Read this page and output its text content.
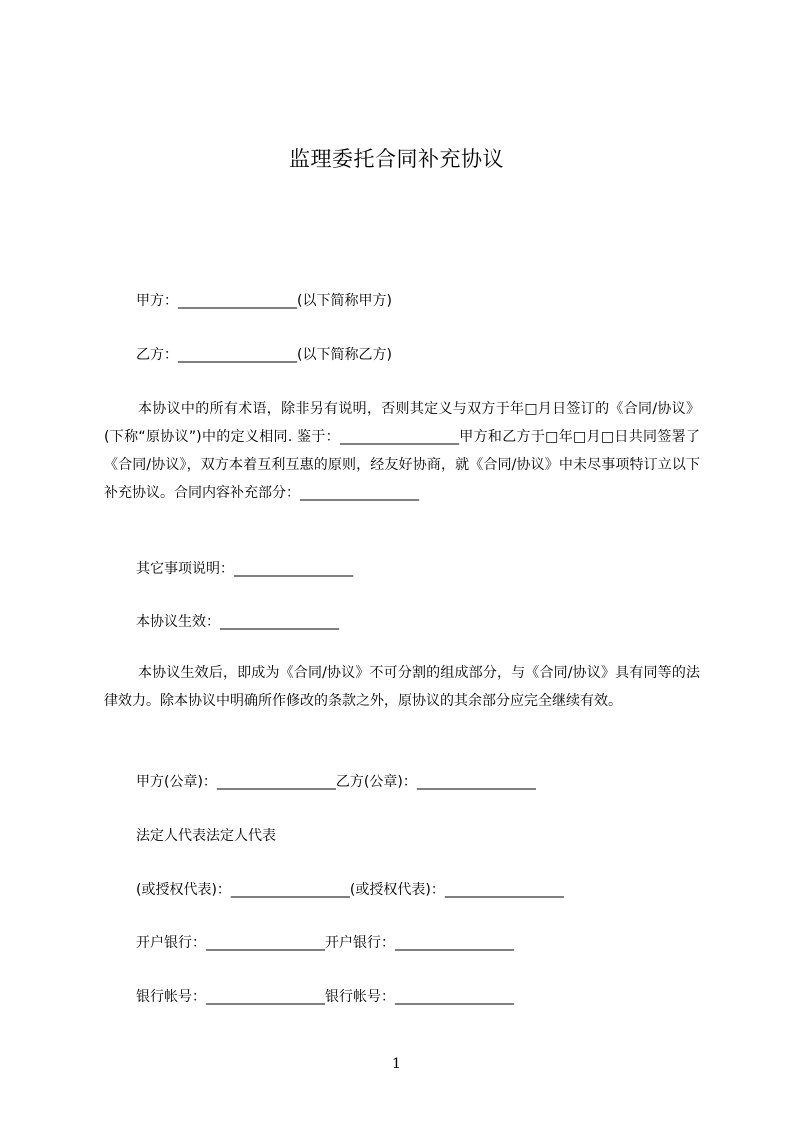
监理委托合同补充协议
甲方：_________________(以下简称甲方)
乙方：_________________(以下简称乙方)
本协议中的所有术语，除非另有说明，否则其定义与双方于年□月日签订的《合同/协议》(下称“原协议”)中的定义相同. 鉴于：_________________甲方和乙方于□年□月□日共同签署了《合同/协议》，双方本着互利互惠的原则，经友好协商，就《合同/协议》中未尽事项特订立以下补充协议。合同内容补充部分：_________________
其它事项说明：_________________
本协议生效：_________________
本协议生效后，即成为《合同/协议》不可分割的组成部分，与《合同/协议》具有同等的法律效力。除本协议中明确所作修改的条款之外，原协议的其余部分应完全继续有效。
甲方(公章)：_________________乙方(公章)：_________________
法定人代表法定人代表
(或授权代表)：_________________(或授权代表)：_________________
开户银行：_________________开户银行：_________________
银行帐号：_________________银行帐号：_________________
1
